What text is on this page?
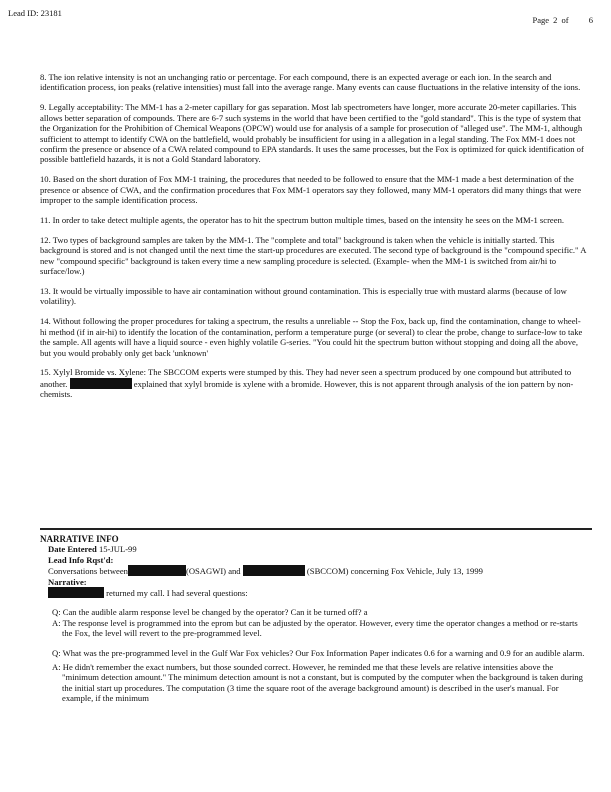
Lead ID: 23181
Page 2 of 6

8. The ion relative intensity is not an unchanging ratio or percentage. For each compound, there is an expected average or each ion. In the search and identification process, ion peaks (relative intensities) must fall into the average range. Many events can cause fluctuations in the relative intensity of the ions.

9. Legally acceptability: The MM-1 has a 2-meter capillary for gas separation. Most lab spectrometers have longer, more accurate 20-meter capillaries. This allows better separation of compounds. There are 6-7 such systems in the world that have been certified to the "gold standard". This is the type of system that the Organization for the Prohibition of Chemical Weapons (OPCW) would use for analysis of a sample for prosecution of "alleged use". The MM-1, although sufficient to attempt to identify CWA on the battlefield, would probably be insufficient for using in a allegation in a legal standing. The Fox MM-1 does not confirm the presence or absence of a CWA related compound to EPA standards. It uses the same processes, but the Fox is optimized for quick identification of possible battlefield hazards, it is not a Gold Standard laboratory.

10. Based on the short duration of Fox MM-1 training, the procedures that needed to be followed to ensure that the MM-1 made a best determination of the presence or absence of CWA, and the confirmation procedures that Fox MM-1 operators say they followed, many MM-1 operators did many things that were improper to the sample identification process.

11. In order to take detect multiple agents, the operator has to hit the spectrum button multiple times, based on the intensity he sees on the MM-1 screen.

12. Two types of background samples are taken by the MM-1. The "complete and total" background is taken when the vehicle is initially started. This background is stored and is not changed until the next time the start-up procedures are executed. The second type of background is the "compound specific." A new "compound specific" background is taken every time a new sampling procedure is selected. (Example- when the MM-1 is switched from air/hi to surface/low.)

13. It would be virtually impossible to have air contamination without ground contamination. This is especially true with mustard alarms (because of low volatility).

14. Without following the proper procedures for taking a spectrum, the results a unreliable -- Stop the Fox, back up, find the contamination, change to wheel-hi method (if in air-hi) to identify the location of the contamination, perform a temperature purge (or several) to clear the probe, change to surface-low to take the sample. All agents will have a liquid source - even highly volatile G-series. "You could hit the spectrum button without stopping and doing all the above, but you would probably only get back 'unknown'

15. Xylyl Bromide vs. Xylene: The SBCCOM experts were stumped by this. They had never seen a spectrum produced by one compound but attributed to another.	explained that xylyl bromide is xylene with a bromide. However, this is not apparent through analysis of the ion pattern by non-chemists.

NARRATIVE INFO
Date Entered 15-JUL-99
Lead Info Rqst'd:
Conversations between	(OSAGWI) and	(SBCCOM) concerning Fox Vehicle, July 13, 1999
Narrative:
returned my call. I had several questions:
Q: Can the audible alarm response level be changed by the operator? Can it be turned off? a
A: The response level is programmed into the eprom but can be adjusted by the operator. However, every time the operator changes a method or re-starts the Fox, the level will revert to the pre-programmed level.
Q: What was the pre-programmed level in the Gulf War Fox vehicles? Our Fox Information Paper indicates 0.6 for a warning and 0.9 for an audible alarm.
A: He didn't remember the exact numbers, but those sounded correct. However, he reminded me that these levels are relative intensities above the "minimum detection amount." The minimum detection amount is not a constant, but is computed by the computer when the background is taken during the initial start up procedures. The computation (3 time the square root of the average background amount) is described in the user's manual. For example, if the minimum
